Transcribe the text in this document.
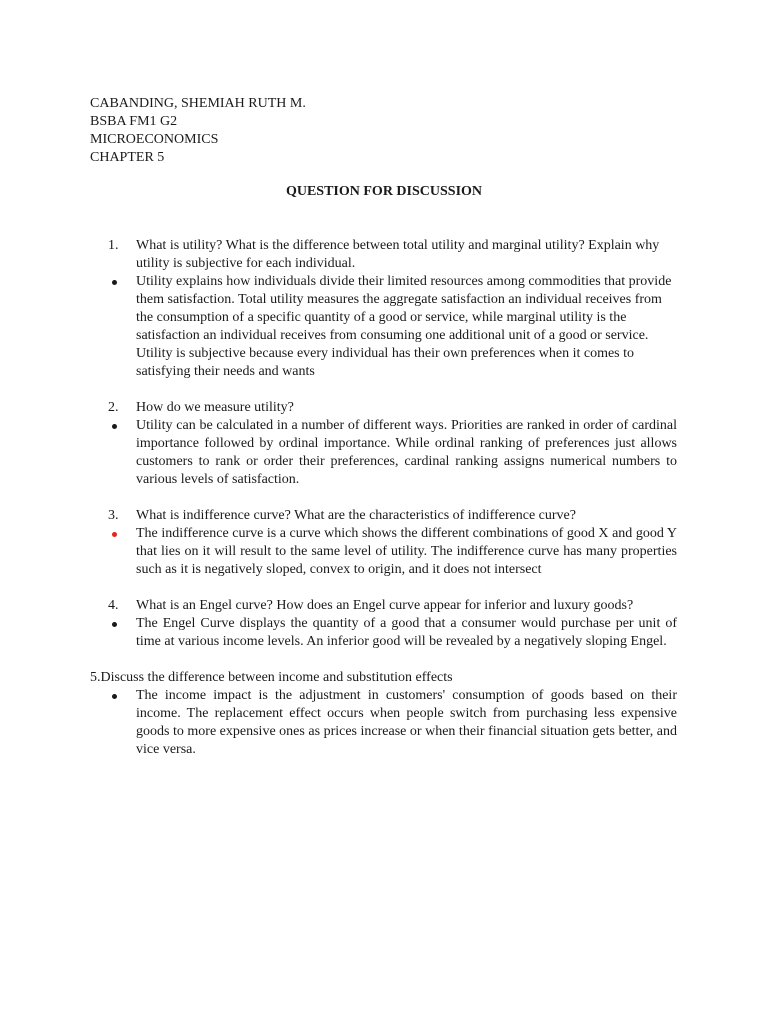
CABANDING, SHEMIAH RUTH M.
BSBA FM1 G2
MICROECONOMICS
CHAPTER 5
QUESTION FOR DISCUSSION
1.	What is utility? What is the difference between total utility and marginal utility? Explain why utility is subjective for each individual.
Utility explains how individuals divide their limited resources among commodities that provide them satisfaction. Total utility measures the aggregate satisfaction an individual receives from the consumption of a specific quantity of a good or service, while marginal utility is the satisfaction an individual receives from consuming one additional unit of a good or service. Utility is subjective because every individual has their own preferences when it comes to satisfying their needs and wants
2.	How do we measure utility?
Utility can be calculated in a number of different ways. Priorities are ranked in order of cardinal importance followed by ordinal importance. While ordinal ranking of preferences just allows customers to rank or order their preferences, cardinal ranking assigns numerical numbers to various levels of satisfaction.
3.	What is indifference curve? What are the characteristics of indifference curve?
The indifference curve is a curve which shows the different combinations of good X and good Y that lies on it will result to the same level of utility. The indifference curve has many properties such as it is negatively sloped, convex to origin, and it does not intersect
4.	What is an Engel curve? How does an Engel curve appear for inferior and luxury goods?
The Engel Curve displays the quantity of a good that a consumer would purchase per unit of time at various income levels. An inferior good will be revealed by a negatively sloping Engel.
5.Discuss the difference between income and substitution effects
The income impact is the adjustment in customers' consumption of goods based on their income. The replacement effect occurs when people switch from purchasing less expensive goods to more expensive ones as prices increase or when their financial situation gets better, and vice versa.
